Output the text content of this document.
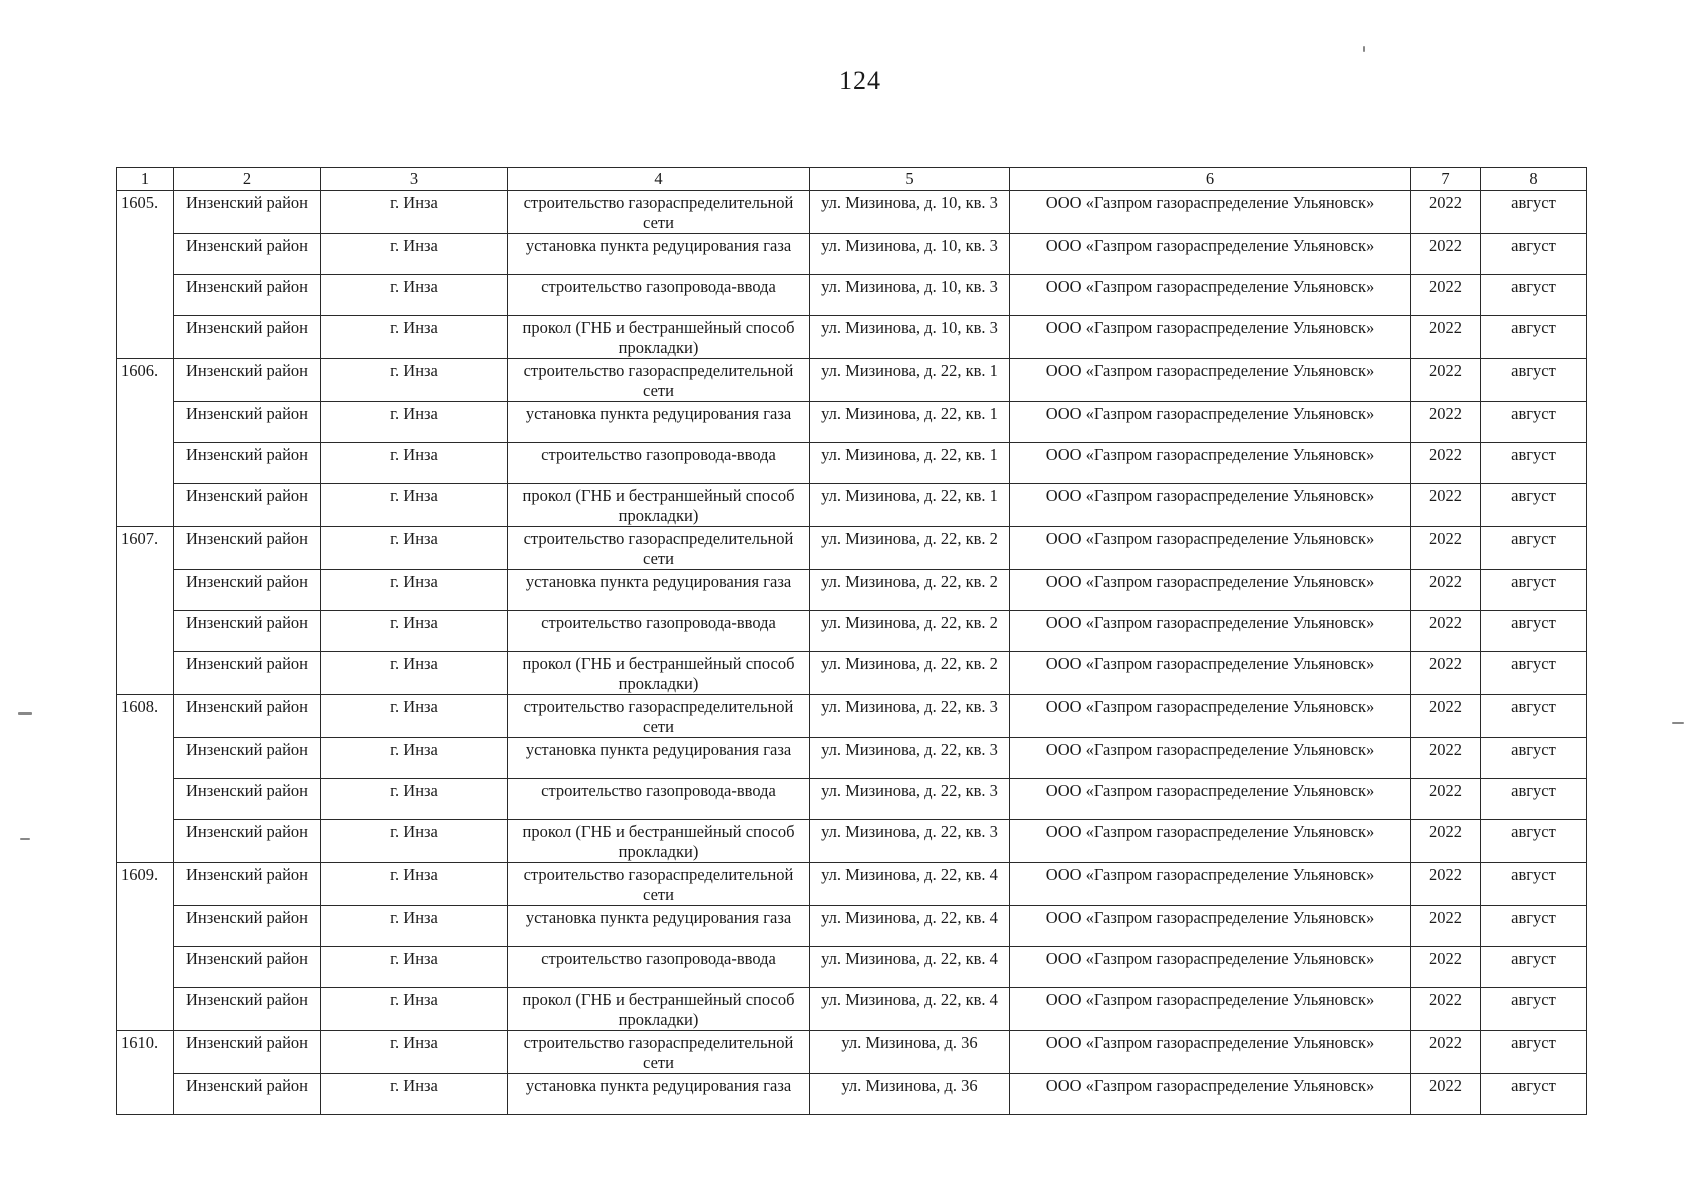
124
1	2	3	4	5	6	7	8
1605.	Инзенский район	г. Инза	строительство газораспределительной сети	ул. Мизинова, д. 10, кв. 3	ООО «Газпром газораспределение Ульяновск»	2022	август
	Инзенский район	г. Инза	установка пункта редуцирования газа	ул. Мизинова, д. 10, кв. 3	ООО «Газпром газораспределение Ульяновск»	2022	август
	Инзенский район	г. Инза	строительство газопровода-ввода	ул. Мизинова, д. 10, кв. 3	ООО «Газпром газораспределение Ульяновск»	2022	август
	Инзенский район	г. Инза	прокол (ГНБ и бестраншейный способ прокладки)	ул. Мизинова, д. 10, кв. 3	ООО «Газпром газораспределение Ульяновск»	2022	август
1606.	Инзенский район	г. Инза	строительство газораспределительной сети	ул. Мизинова, д. 22, кв. 1	ООО «Газпром газораспределение Ульяновск»	2022	август
	Инзенский район	г. Инза	установка пункта редуцирования газа	ул. Мизинова, д. 22, кв. 1	ООО «Газпром газораспределение Ульяновск»	2022	август
	Инзенский район	г. Инза	строительство газопровода-ввода	ул. Мизинова, д. 22, кв. 1	ООО «Газпром газораспределение Ульяновск»	2022	август
	Инзенский район	г. Инза	прокол (ГНБ и бестраншейный способ прокладки)	ул. Мизинова, д. 22, кв. 1	ООО «Газпром газораспределение Ульяновск»	2022	август
1607.	Инзенский район	г. Инза	строительство газораспределительной сети	ул. Мизинова, д. 22, кв. 2	ООО «Газпром газораспределение Ульяновск»	2022	август
	Инзенский район	г. Инза	установка пункта редуцирования газа	ул. Мизинова, д. 22, кв. 2	ООО «Газпром газораспределение Ульяновск»	2022	август
	Инзенский район	г. Инза	строительство газопровода-ввода	ул. Мизинова, д. 22, кв. 2	ООО «Газпром газораспределение Ульяновск»	2022	август
	Инзенский район	г. Инза	прокол (ГНБ и бестраншейный способ прокладки)	ул. Мизинова, д. 22, кв. 2	ООО «Газпром газораспределение Ульяновск»	2022	август
1608.	Инзенский район	г. Инза	строительство газораспределительной сети	ул. Мизинова, д. 22, кв. 3	ООО «Газпром газораспределение Ульяновск»	2022	август
	Инзенский район	г. Инза	установка пункта редуцирования газа	ул. Мизинова, д. 22, кв. 3	ООО «Газпром газораспределение Ульяновск»	2022	август
	Инзенский район	г. Инза	строительство газопровода-ввода	ул. Мизинова, д. 22, кв. 3	ООО «Газпром газораспределение Ульяновск»	2022	август
	Инзенский район	г. Инза	прокол (ГНБ и бестраншейный способ прокладки)	ул. Мизинова, д. 22, кв. 3	ООО «Газпром газораспределение Ульяновск»	2022	август
1609.	Инзенский район	г. Инза	строительство газораспределительной сети	ул. Мизинова, д. 22, кв. 4	ООО «Газпром газораспределение Ульяновск»	2022	август
	Инзенский район	г. Инза	установка пункта редуцирования газа	ул. Мизинова, д. 22, кв. 4	ООО «Газпром газораспределение Ульяновск»	2022	август
	Инзенский район	г. Инза	строительство газопровода-ввода	ул. Мизинова, д. 22, кв. 4	ООО «Газпром газораспределение Ульяновск»	2022	август
	Инзенский район	г. Инза	прокол (ГНБ и бестраншейный способ прокладки)	ул. Мизинова, д. 22, кв. 4	ООО «Газпром газораспределение Ульяновск»	2022	август
1610.	Инзенский район	г. Инза	строительство газораспределительной сети	ул. Мизинова, д. 36	ООО «Газпром газораспределение Ульяновск»	2022	август
	Инзенский район	г. Инза	установка пункта редуцирования газа	ул. Мизинова, д. 36	ООО «Газпром газораспределение Ульяновск»	2022	август
